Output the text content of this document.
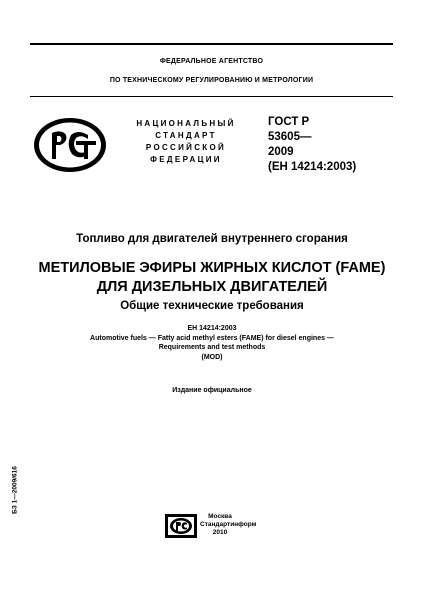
ФЕДЕРАЛЬНОЕ АГЕНТСТВО
ПО ТЕХНИЧЕСКОМУ РЕГУЛИРОВАНИЮ И МЕТРОЛОГИИ
НАЦИОНАЛЬНЫЙ
СТАНДАРТ
РОССИЙСКОЙ
ФЕДЕРАЦИИ
ГОСТ Р
53605—
2009
(ЕН 14214:2003)
Топливо для двигателей внутреннего сгорания
МЕТИЛОВЫЕ ЭФИРЫ ЖИРНЫХ КИСЛОТ (FAME)
ДЛЯ ДИЗЕЛЬНЫХ ДВИГАТЕЛЕЙ
Общие технические требования
EH 14214:2003
Automotive fuels — Fatty acid methyl esters (FAME) for diesel engines —
Requirements and test methods
(MOD)
Издание официальное
БЗ 1—2009/616
Москва
Стандартинформ
2010
